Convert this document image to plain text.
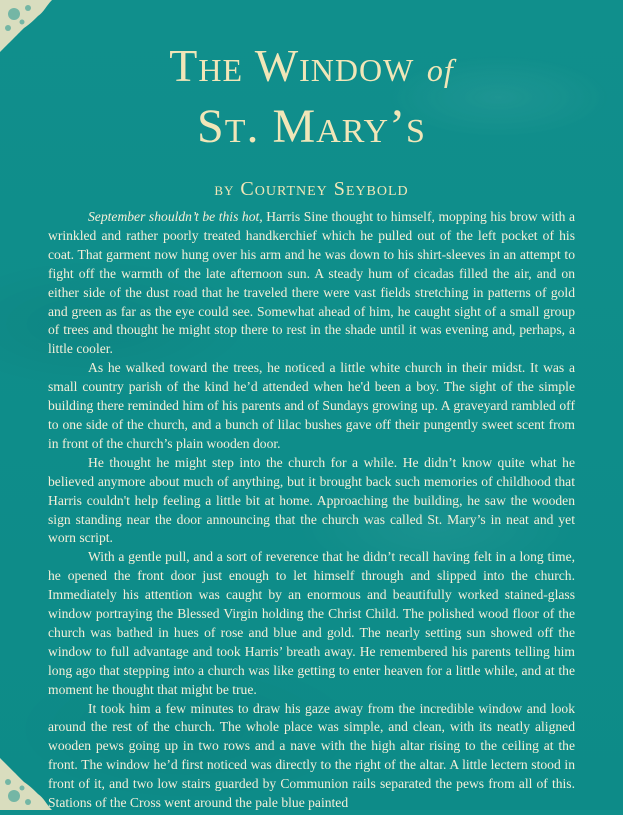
The Window of
St. Mary’s
by Courtney Seybold

September shouldn’t be this hot, Harris Sine thought to himself, mopping his brow with a wrinkled and rather poorly treated handkerchief which he pulled out of the left pocket of his coat. That garment now hung over his arm and he was down to his shirt-sleeves in an attempt to fight off the warmth of the late afternoon sun. A steady hum of cicadas filled the air, and on either side of the dust road that he traveled there were vast fields stretching in patterns of gold and green as far as the eye could see. Somewhat ahead of him, he caught sight of a small group of trees and thought he might stop there to rest in the shade until it was evening and, perhaps, a little cooler.

As he walked toward the trees, he noticed a little white church in their midst. It was a small country parish of the kind he’d attended when he'd been a boy. The sight of the simple building there reminded him of his parents and of Sundays growing up. A graveyard rambled off to one side of the church, and a bunch of lilac bushes gave off their pungently sweet scent from in front of the church’s plain wooden door.

He thought he might step into the church for a while. He didn’t know quite what he believed anymore about much of anything, but it brought back such memories of childhood that Harris couldn't help feeling a little bit at home. Approaching the building, he saw the wooden sign standing near the door announcing that the church was called St. Mary’s in neat and yet worn script.

With a gentle pull, and a sort of reverence that he didn’t recall having felt in a long time, he opened the front door just enough to let himself through and slipped into the church. Immediately his attention was caught by an enormous and beautifully worked stained-glass window portraying the Blessed Virgin holding the Christ Child. The polished wood floor of the church was bathed in hues of rose and blue and gold. The nearly setting sun showed off the window to full advantage and took Harris’ breath away. He remembered his parents telling him long ago that stepping into a church was like getting to enter heaven for a little while, and at the moment he thought that might be true.

It took him a few minutes to draw his gaze away from the incredible window and look around the rest of the church. The whole place was simple, and clean, with its neatly aligned wooden pews going up in two rows and a nave with the high altar rising to the ceiling at the front. The window he’d first noticed was directly to the right of the altar. A little lectern stood in front of it, and two low stairs guarded by Communion rails separated the pews from all of this. Stations of the Cross went around the pale blue painted
